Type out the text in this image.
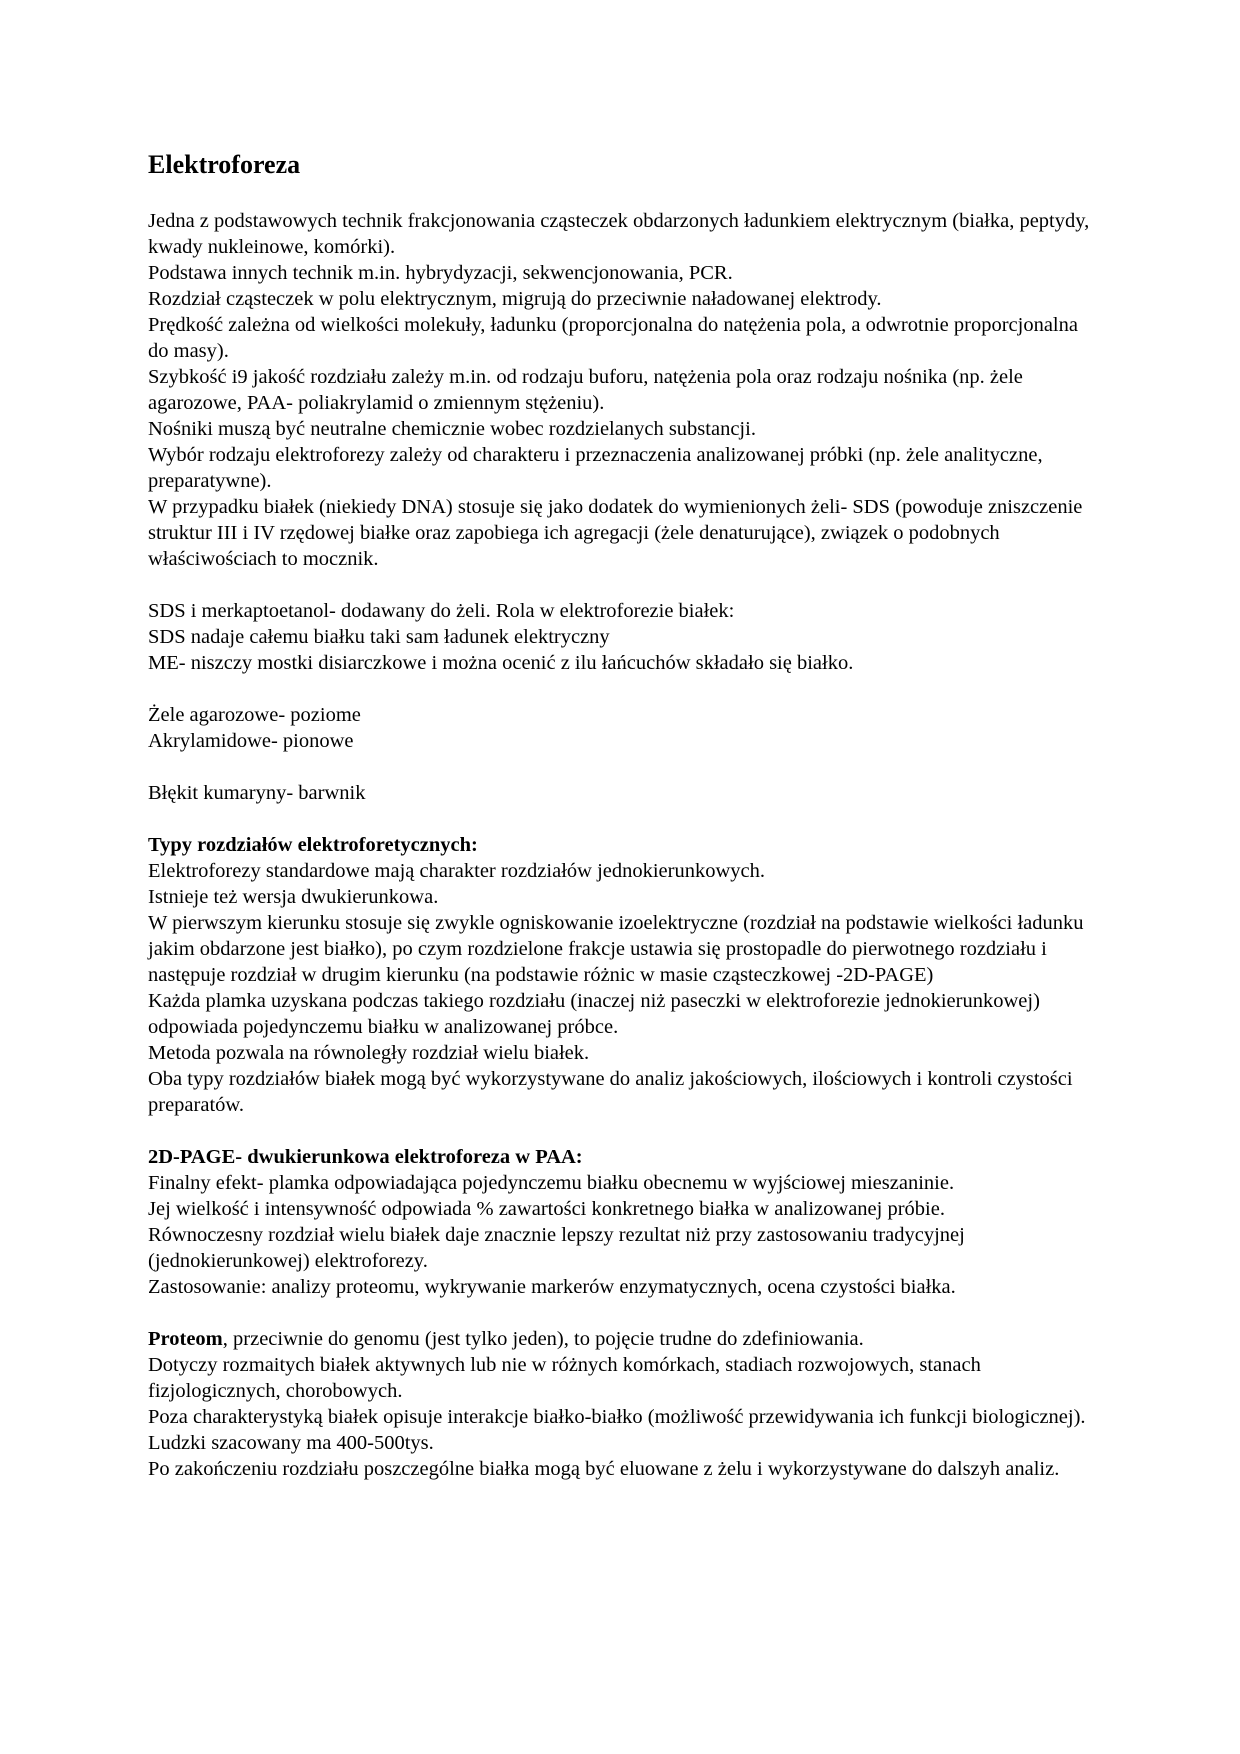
Elektroforeza

Jedna z podstawowych technik frakcjonowania cząsteczek obdarzonych ładunkiem elektrycznym (białka, peptydy, kwady nukleinowe, komórki).

Podstawa innych technik m.in. hybrydyzacji, sekwencjonowania, PCR.

Rozdział cząsteczek w polu elektrycznym, migrują do przeciwnie naładowanej elektrody.

Prędkość zależna od wielkości molekuły, ładunku (proporcjonalna do natężenia pola, a odwrotnie proporcjonalna do masy).

Szybkość i9 jakość rozdziału zależy m.in. od rodzaju buforu, natężenia pola oraz rodzaju nośnika (np. żele agarozowe, PAA- poliakrylamid o zmiennym stężeniu).

Nośniki muszą być neutralne chemicznie wobec rozdzielanych substancji.

Wybór rodzaju elektroforezy zależy od charakteru i przeznaczenia analizowanej próbki (np. żele analityczne, preparatywne).

W przypadku białek (niekiedy DNA) stosuje się jako dodatek do wymienionych żeli- SDS (powoduje zniszczenie struktur III i IV rzędowej białke oraz zapobiega ich agregacji (żele denaturujące), związek o podobnych właściwościach to mocznik.

SDS i merkaptoetanol- dodawany do żeli. Rola w elektroforezie białek:

SDS nadaje całemu białku taki sam ładunek elektryczny

ME- niszczy mostki disiarczkowe i można ocenić z ilu łańcuchów składało się białko.

Żele agarozowe- poziome

Akrylamidowe- pionowe

Błękit kumaryny- barwnik

Typy rozdziałów elektroforetycznych:

Elektroforezy standardowe mają charakter rozdziałów jednokierunkowych.

Istnieje też wersja dwukierunkowa.

W pierwszym kierunku stosuje się zwykle ogniskowanie izoelektryczne (rozdział na podstawie wielkości ładunku jakim obdarzone jest białko), po czym rozdzielone frakcje ustawia się prostopadle do pierwotnego rozdziału i następuje rozdział w drugim kierunku (na podstawie różnic w masie cząsteczkowej -2D-PAGE)

Każda plamka uzyskana podczas takiego rozdziału (inaczej niż paseczki w elektroforezie jednokierunkowej) odpowiada pojedynczemu białku w analizowanej próbce.

Metoda pozwala na równoległy rozdział wielu białek.

Oba typy rozdziałów białek mogą być wykorzystywane do analiz jakościowych, ilościowych i kontroli czystości preparatów.

2D-PAGE- dwukierunkowa elektroforeza w PAA:

Finalny efekt- plamka odpowiadająca pojedynczemu białku obecnemu w wyjściowej mieszaninie.

Jej wielkość i intensywność odpowiada % zawartości konkretnego białka w analizowanej próbie.

Równoczesny rozdział wielu białek daje znacznie lepszy rezultat niż przy zastosowaniu tradycyjnej (jednokierunkowej) elektroforezy.

Zastosowanie: analizy proteomu, wykrywanie markerów enzymatycznych, ocena czystości białka.

Proteom, przeciwnie do genomu (jest tylko jeden), to pojęcie trudne do zdefiniowania.

Dotyczy rozmaitych białek aktywnych lub nie w różnych komórkach, stadiach rozwojowych, stanach fizjologicznych, chorobowych.

Poza charakterystyką białek opisuje interakcje białko-białko (możliwość przewidywania ich funkcji biologicznej).

Ludzki szacowany ma 400-500tys.

Po zakończeniu rozdziału poszczególne białka mogą być eluowane z żelu i wykorzystywane do dalszyh analiz.
